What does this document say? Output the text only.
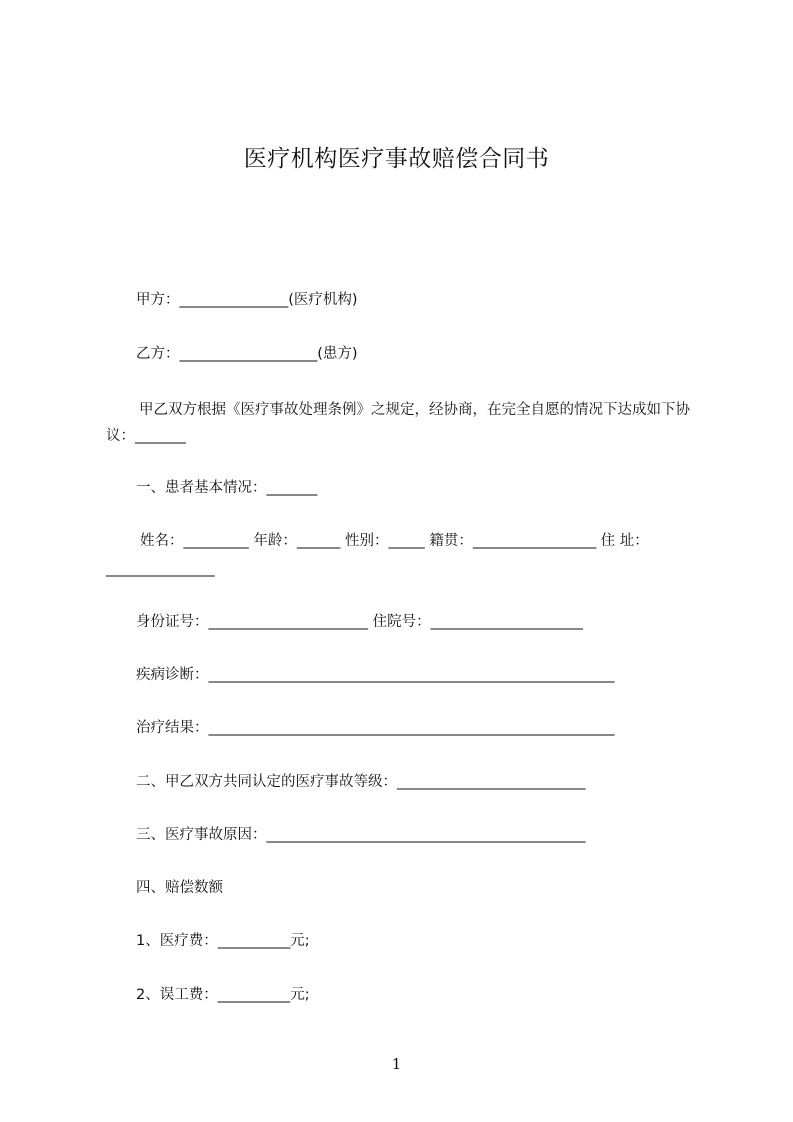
医疗机构医疗事故赔偿合同书
甲方：_______________(医疗机构)
乙方：___________________(患方)
甲乙双方根据《医疗事故处理条例》之规定，经协商，在完全自愿的情况下达成如下协议：_______
一、患者基本情况：_______
姓名：_________ 年龄：______ 性别：_____ 籍贯：_________________ 住 址：
_______________
身份证号：______________________ 住院号：_____________________
疾病诊断：________________________________________________________
治疗结果：________________________________________________________
二、甲乙双方共同认定的医疗事故等级：__________________________
三、医疗事故原因：____________________________________________
四、赔偿数额
1、医疗费：__________元;
2、误工费：__________元;
1
